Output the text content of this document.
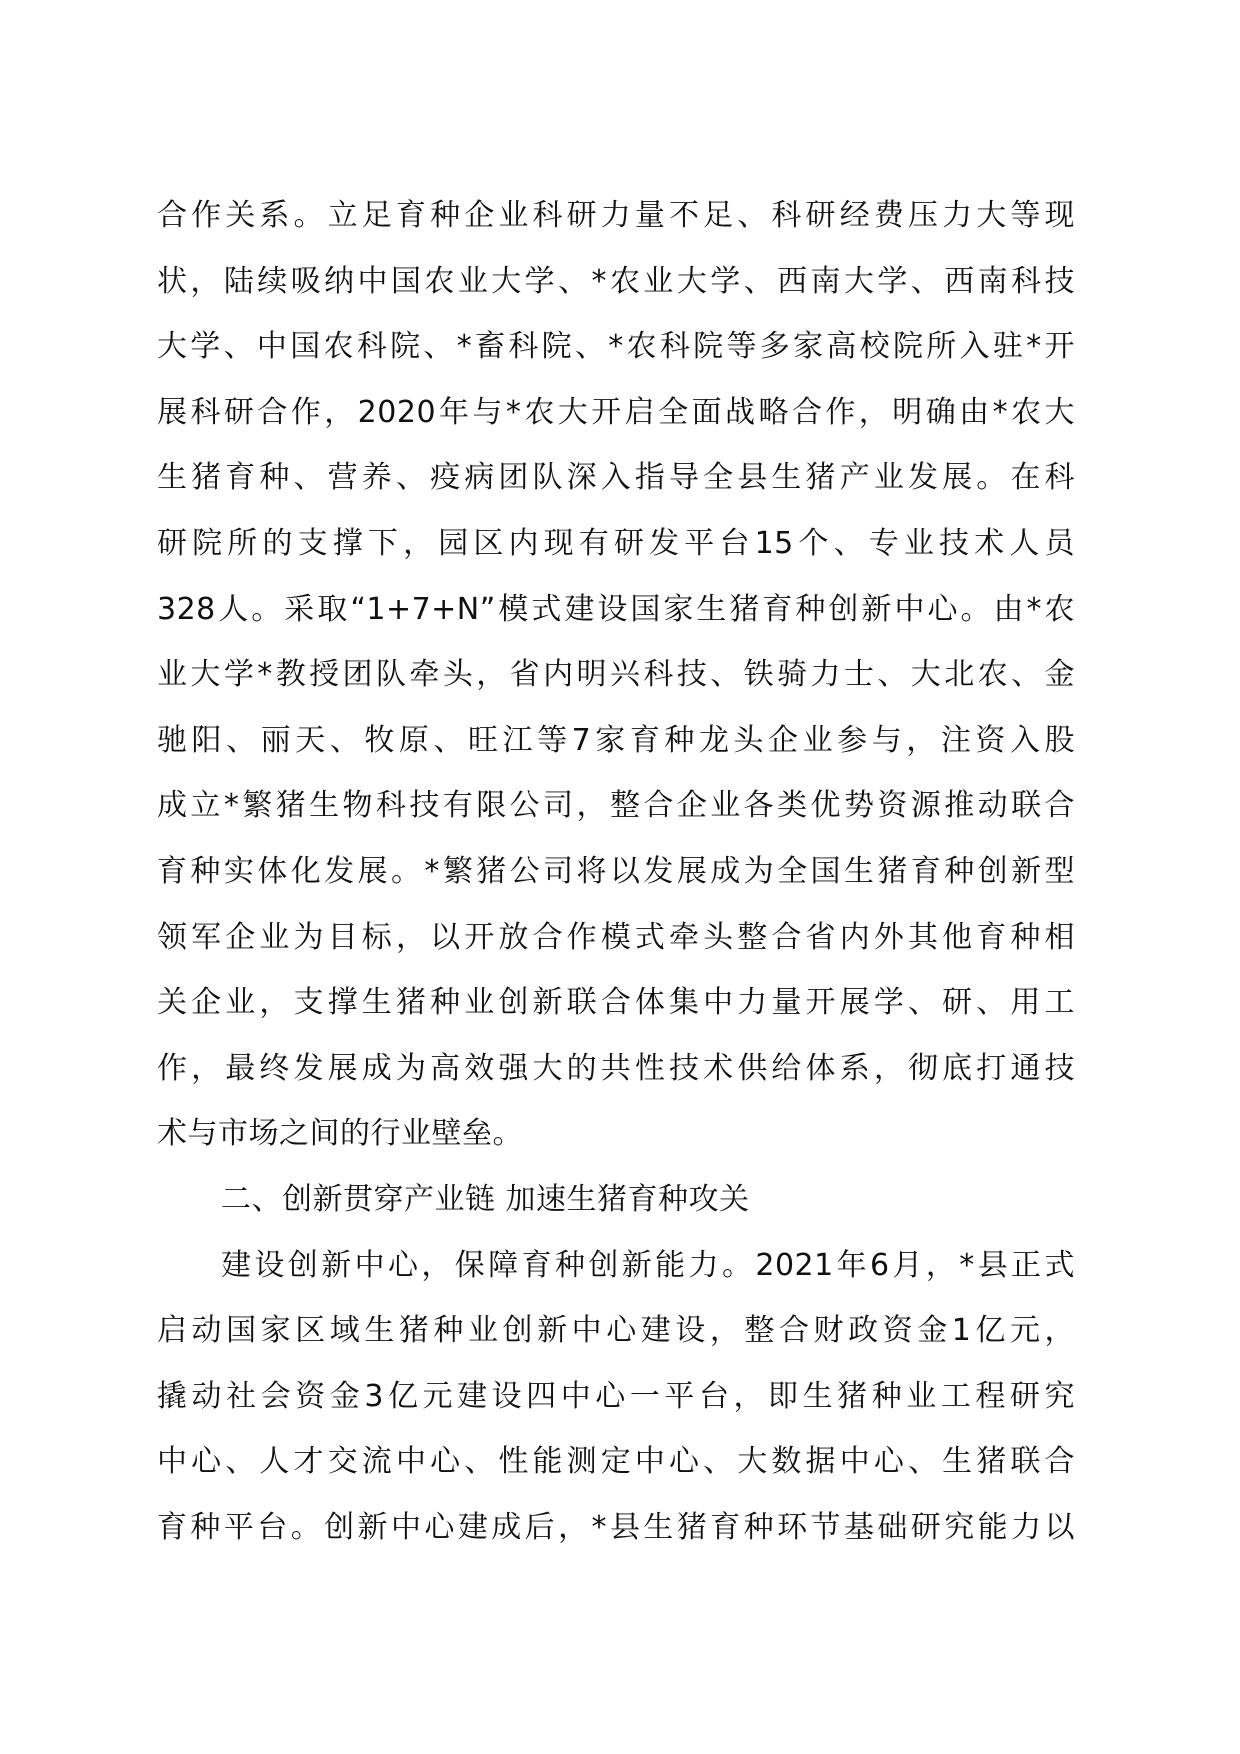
合作关系。立足育种企业科研力量不足、科研经费压力大等现
状，陆续吸纳中国农业大学、*农业大学、西南大学、西南科技
大学、中国农科院、*畜科院、*农科院等多家高校院所入驻*开
展科研合作，2020年与*农大开启全面战略合作，明确由*农大
生猪育种、营养、疫病团队深入指导全县生猪产业发展。在科
研院所的支撑下，园区内现有研发平台15个、专业技术人员
328人。采取“1+7+N”模式建设国家生猪育种创新中心。由*农
业大学*教授团队牵头，省内明兴科技、铁骑力士、大北农、金
驰阳、丽天、牧原、旺江等7家育种龙头企业参与，注资入股
成立*繁猪生物科技有限公司，整合企业各类优势资源推动联合
育种实体化发展。*繁猪公司将以发展成为全国生猪育种创新型
领军企业为目标，以开放合作模式牵头整合省内外其他育种相
关企业，支撑生猪种业创新联合体集中力量开展学、研、用工
作，最终发展成为高效强大的共性技术供给体系，彻底打通技
术与市场之间的行业壁垒。
二、创新贯穿产业链 加速生猪育种攻关
建设创新中心，保障育种创新能力。2021年6月，*县正式
启动国家区域生猪种业创新中心建设，整合财政资金1亿元，
撬动社会资金3亿元建设四中心一平台，即生猪种业工程研究
中心、人才交流中心、性能测定中心、大数据中心、生猪联合
育种平台。创新中心建成后，*县生猪育种环节基础研究能力以
